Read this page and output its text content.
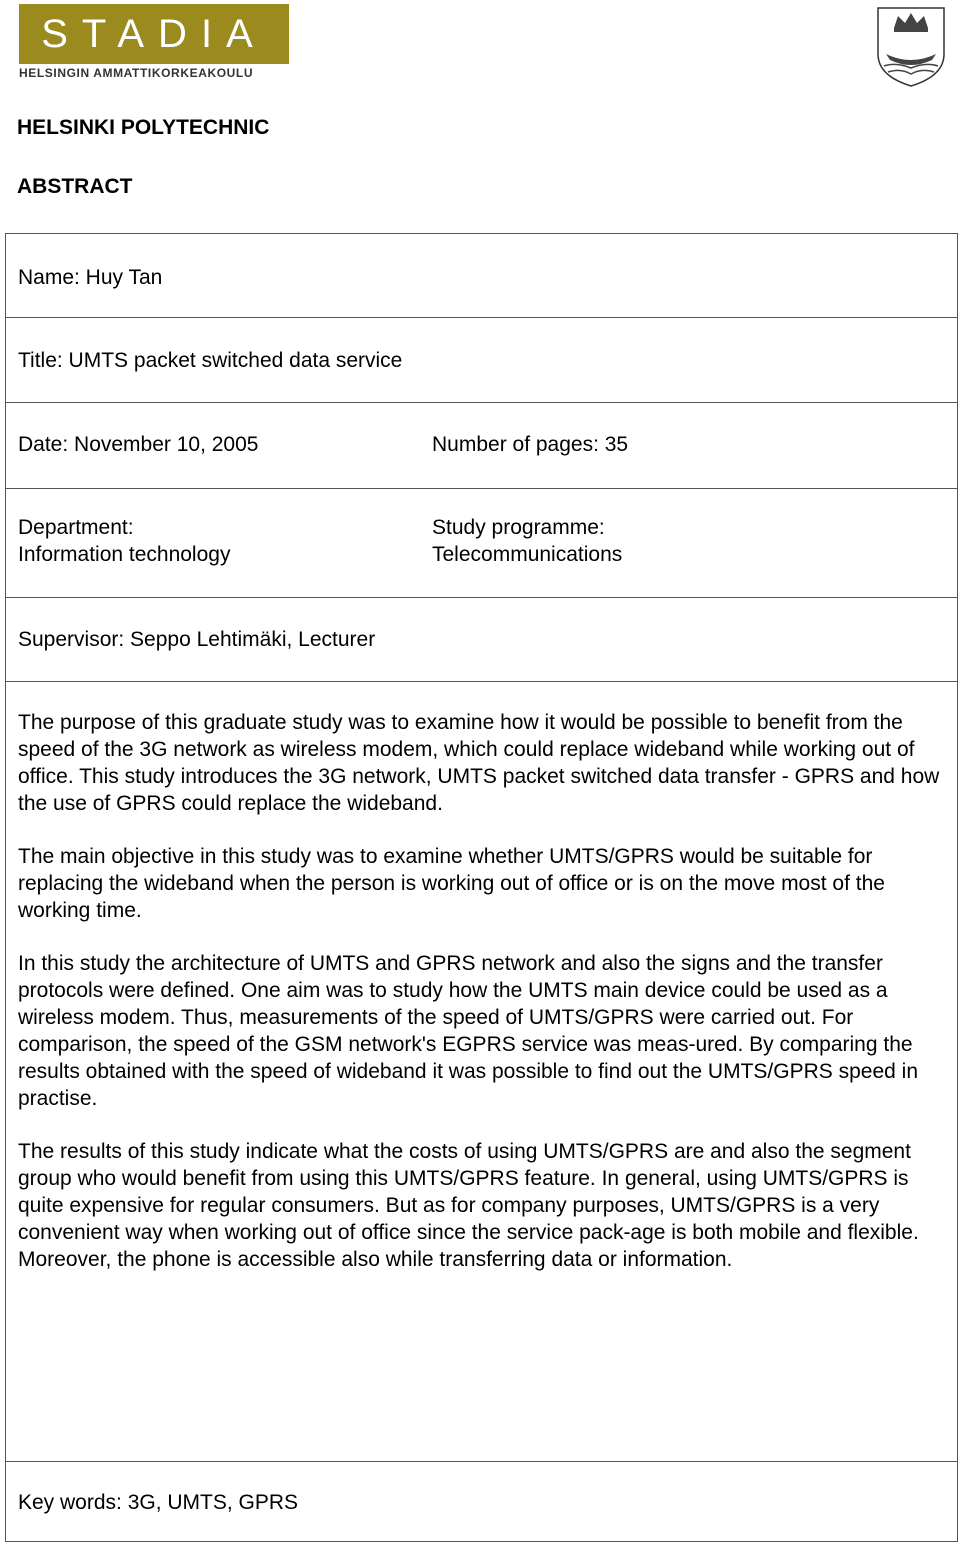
STADIA
HELSINGIN AMMATTIKORKEAKOULU
HELSINKI POLYTECHNIC
ABSTRACT
Name: Huy Tan
Title: UMTS packet switched data service
Date: November 10, 2005	Number of pages: 35
Department:
Information technology
Study programme:
Telecommunications
Supervisor: Seppo Lehtimäki, Lecturer

The purpose of this graduate study was to examine how it would be possible to benefit from the speed of the 3G network as wireless modem, which could replace wideband while working out of office. This study introduces the 3G network, UMTS packet switched data transfer - GPRS and how the use of GPRS could replace the wideband.

The main objective in this study was to examine whether UMTS/GPRS would be suitable for replacing the wideband when the person is working out of office or is on the move most of the working time.

In this study the architecture of UMTS and GPRS network and also the signs and the transfer protocols were defined. One aim was to study how the UMTS main device could be used as a wireless modem. Thus, measurements of the speed of UMTS/GPRS were carried out. For comparison, the speed of the GSM network's EGPRS service was meas-ured. By comparing the results obtained with the speed of wideband it was possible to find out the UMTS/GPRS speed in practise.

The results of this study indicate what the costs of using UMTS/GPRS are and also the segment group who would benefit from using this UMTS/GPRS feature. In general, using UMTS/GPRS is quite expensive for regular consumers. But as for company purposes, UMTS/GPRS is a very convenient way when working out of office since the service pack-age is both mobile and flexible. Moreover, the phone is accessible also while transferring data or information.

Key words: 3G, UMTS, GPRS
